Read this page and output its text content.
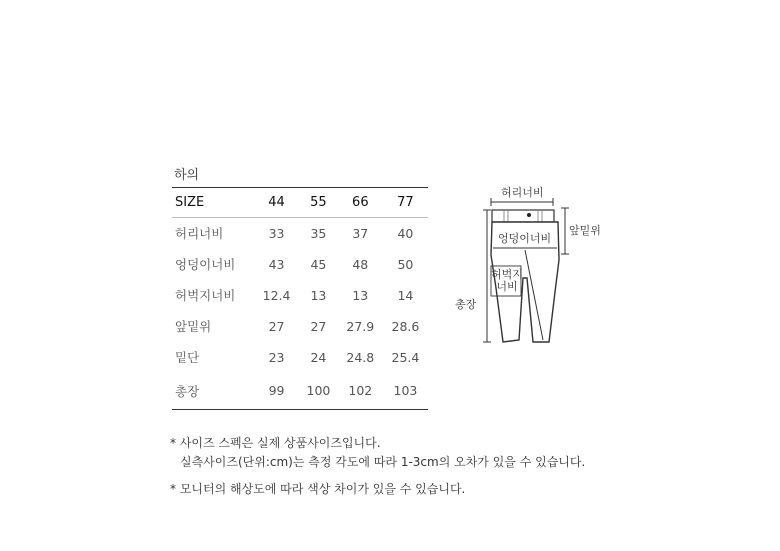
하의
SIZE	44	55	66	77
허리너비	33	35	37	40
엉덩이너비	43	45	48	50
허벅지너비	12.4	13	13	14
앞밑위	27	27	27.9	28.6
밑단	23	24	24.8	25.4
총장	99	100	102	103
허리너비
앞밑위
엉덩이너비
허벅지
너비
총장
* 사이즈 스펙은 실제 상품사이즈입니다.
실측사이즈(단위:cm)는 측정 각도에 따라 1-3cm의 오차가 있을 수 있습니다.
* 모니터의 해상도에 따라 색상 차이가 있을 수 있습니다.
